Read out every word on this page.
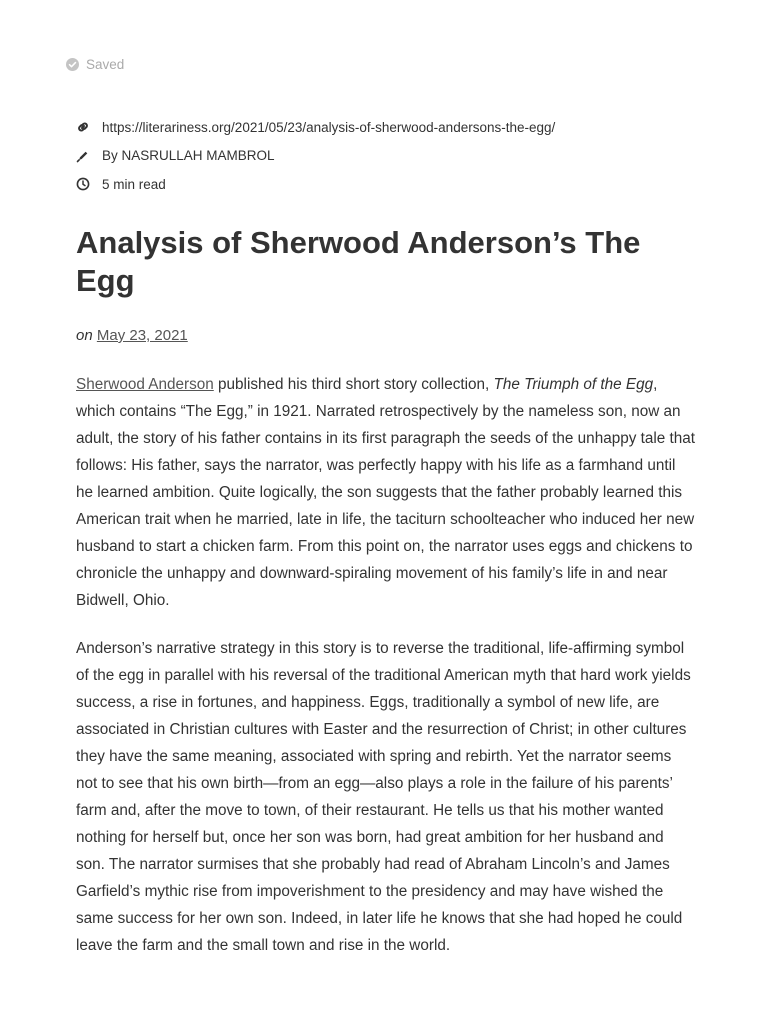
Saved
https://literariness.org/2021/05/23/analysis-of-sherwood-andersons-the-egg/
By NASRULLAH MAMBROL
5 min read
Analysis of Sherwood Anderson’s The Egg
on May 23, 2021

Sherwood Anderson published his third short story collection, The Triumph of the Egg, which contains “The Egg,” in 1921. Narrated retrospectively by the nameless son, now an adult, the story of his father contains in its first paragraph the seeds of the unhappy tale that follows: His father, says the narrator, was perfectly happy with his life as a farmhand until he learned ambition. Quite logically, the son suggests that the father probably learned this American trait when he married, late in life, the taciturn schoolteacher who induced her new husband to start a chicken farm. From this point on, the narrator uses eggs and chickens to chronicle the unhappy and downward-spiraling movement of his family’s life in and near Bidwell, Ohio.

Anderson’s narrative strategy in this story is to reverse the traditional, life-affirming symbol of the egg in parallel with his reversal of the traditional American myth that hard work yields success, a rise in fortunes, and happiness. Eggs, traditionally a symbol of new life, are associated in Christian cultures with Easter and the resurrection of Christ; in other cultures they have the same meaning, associated with spring and rebirth. Yet the narrator seems not to see that his own birth—from an egg—also plays a role in the failure of his parents’ farm and, after the move to town, of their restaurant. He tells us that his mother wanted nothing for herself but, once her son was born, had great ambition for her husband and son. The narrator surmises that she probably had read of Abraham Lincoln’s and James Garfield’s mythic rise from impoverishment to the presidency and may have wished the same success for her own son. Indeed, in later life he knows that she had hoped he could leave the farm and the small town and rise in the world.
